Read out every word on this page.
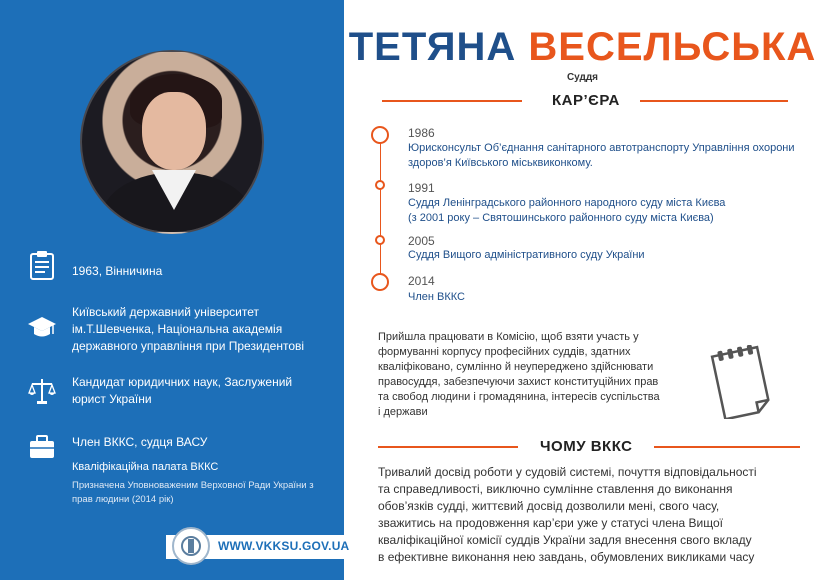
1963, Вінничина
Київський державний університет
ім.Т.Шевченка, Національна академія
державного управління при Президентові
Кандидат юридичних наук, Заслужений
юрист України
Член ВККС, судця ВАСУ
Кваліфікаційна палата ВККС
Призначена Уповноваженим Верховної Ради України з
прав людини (2014 рік)
WWW.VKKSU.GOV.UA
ТЕТЯНА ВЕСЕЛЬСЬКА
Суддя
КАР’ЄРА
1986
Юрисконсульт Об’єднання санітарного автотранспорту Управління охорони
здоров’я Київського міськвиконкому.
1991
Суддя Ленінградського районного народного суду міста Києва
(з 2001 року – Святошинського районного суду міста Києва)
2005
Суддя Вищого адміністративного суду України
2014
Член ВККС
Прийшла працювати в Комісію, щоб взяти участь у
формуванні корпусу професійних суддів, здатних
кваліфіковано, сумлінно й неупереджено здійснювати
правосуддя, забезпечуючи захист конституційних прав
та свобод людини і громадянина, інтересів суспільства
і держави
ЧОМУ ВККС
Тривалий досвід роботи у судовій системі, почуття відповідальності
та справедливості, виключно сумлінне ставлення до виконання
обов’язків судді, життєвий досвід дозволили мені, свого часу,
зважитись на продовження кар’єри уже у статусі члена Вищої
кваліфікаційної комісії суддів України задля внесення свого вкладу
в ефективне виконання нею завдань, обумовлених викликами часу
